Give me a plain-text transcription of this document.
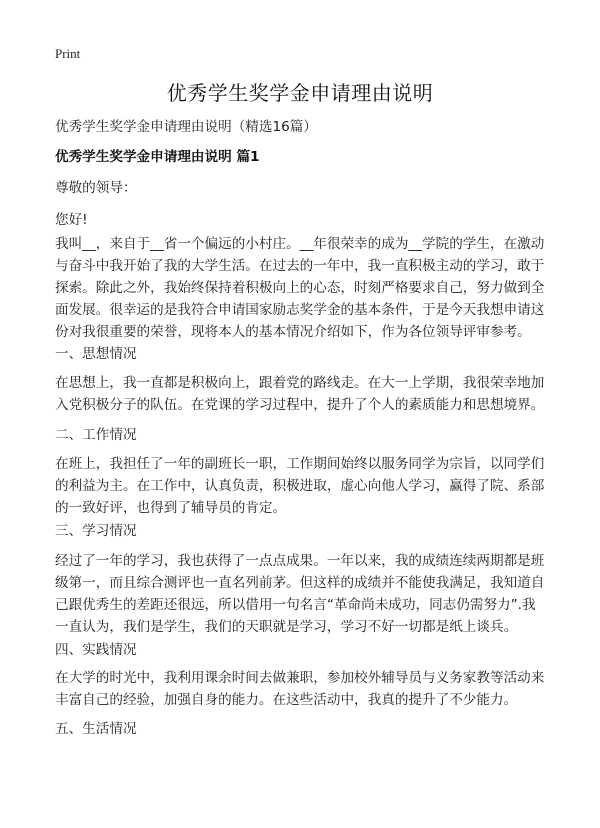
Print
优秀学生奖学金申请理由说明
优秀学生奖学金申请理由说明（精选16篇）
优秀学生奖学金申请理由说明 篇1
尊敬的领导：
您好!
我叫__，来自于__省一个偏远的小村庄。__年很荣幸的成为__学院的学生，在激动
与奋斗中我开始了我的大学生活。在过去的一年中，我一直积极主动的学习，敢于
探索。除此之外，我始终保持着积极向上的心态，时刻严格要求自己，努力做到全
面发展。很幸运的是我符合申请国家励志奖学金的基本条件，于是今天我想申请这
份对我很重要的荣誉，现将本人的基本情况介绍如下，作为各位领导评审参考。
一、思想情况
在思想上，我一直都是积极向上，跟着党的路线走。在大一上学期，我很荣幸地加
入党积极分子的队伍。在党课的学习过程中，提升了个人的素质能力和思想境界。
二、工作情况
在班上，我担任了一年的副班长一职，工作期间始终以服务同学为宗旨，以同学们
的利益为主。在工作中，认真负责，积极进取，虚心向他人学习，赢得了院、系部
的一致好评，也得到了辅导员的肯定。
三、学习情况
经过了一年的学习，我也获得了一点点成果。一年以来，我的成绩连续两期都是班
级第一，而且综合测评也一直名列前茅。但这样的成绩并不能使我满足，我知道自
己跟优秀生的差距还很远，所以借用一句名言“革命尚未成功，同志仍需努力”.我
一直认为，我们是学生，我们的天职就是学习，学习不好一切都是纸上谈兵。
四、实践情况
在大学的时光中，我利用课余时间去做兼职，参加校外辅导员与义务家教等活动来
丰富自己的经验，加强自身的能力。在这些活动中，我真的提升了不少能力。
五、生活情况
